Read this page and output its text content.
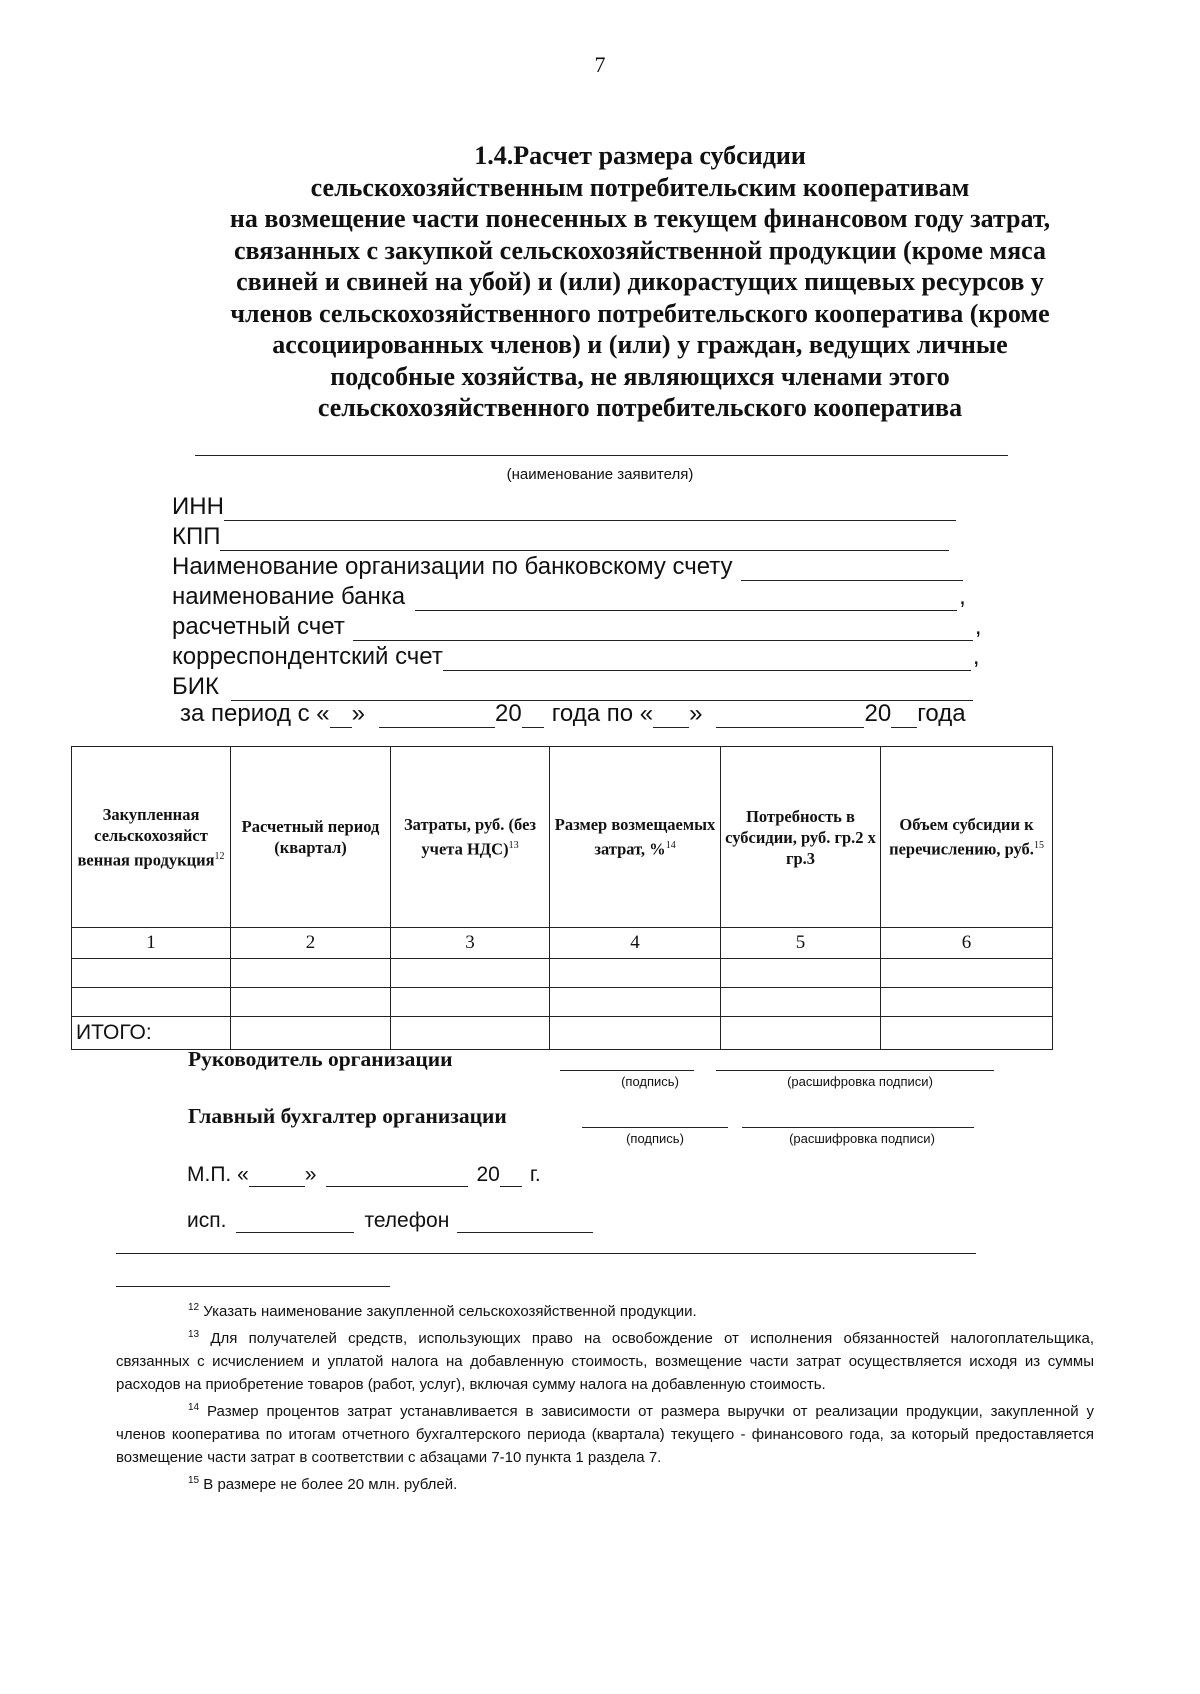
7
1.4.Расчет размера субсидии
сельскохозяйственным потребительским кооперативам
на возмещение части понесенных в текущем финансовом году затрат,
связанных с закупкой сельскохозяйственной продукции (кроме мяса
свиней и свиней на убой) и (или) дикорастущих пищевых ресурсов у
членов сельскохозяйственного потребительского кооператива (кроме
ассоциированных членов) и (или) у граждан, ведущих личные
подсобные хозяйства, не являющихся членами этого
сельскохозяйственного потребительского кооператива
(наименование заявителя)
ИНН
КПП
Наименование организации по банковскому счету
наименование банка	,
расчетный счет	,
корреспондентский счет	,
БИК
за период с « »	20 года по « »	20 года
Закупленная сельскохозяйст венная продукция$^{12}$	Расчетный период (квартал)	Затраты, руб. (без учета НДС)$^{13}$	Размер возмещаемых затрат, %$^{14}$	Потребность в субсидии, руб. гр.2 х гр.3	Объем субсидии к перечислению, руб.$^{15}$
1	2	3	4	5	6

ИТОГО:					
Руководитель организации
(подпись)	(расшифровка подписи)
Главный бухгалтер организации
(подпись)	(расшифровка подписи)
М.П. «	»	20 г.
исп.	телефон

$^{12}$ Указать наименование закупленной сельскохозяйственной продукции.

$^{13}$ Для получателей средств, использующих право на освобождение от исполнения обязанностей налогоплательщика, связанных с исчислением и уплатой налога на добавленную стоимость, возмещение части затрат осуществляется исходя из суммы расходов на приобретение товаров (работ, услуг), включая сумму налога на добавленную стоимость.

$^{14}$ Размер процентов затрат устанавливается в зависимости от размера выручки от реализации продукции, закупленной у членов кооператива по итогам отчетного бухгалтерского периода (квартала) текущего - финансового года, за который предоставляется возмещение части затрат в соответствии с абзацами 7-10 пункта 1 раздела 7.

$^{15}$ В размере не более 20 млн. рублей.
